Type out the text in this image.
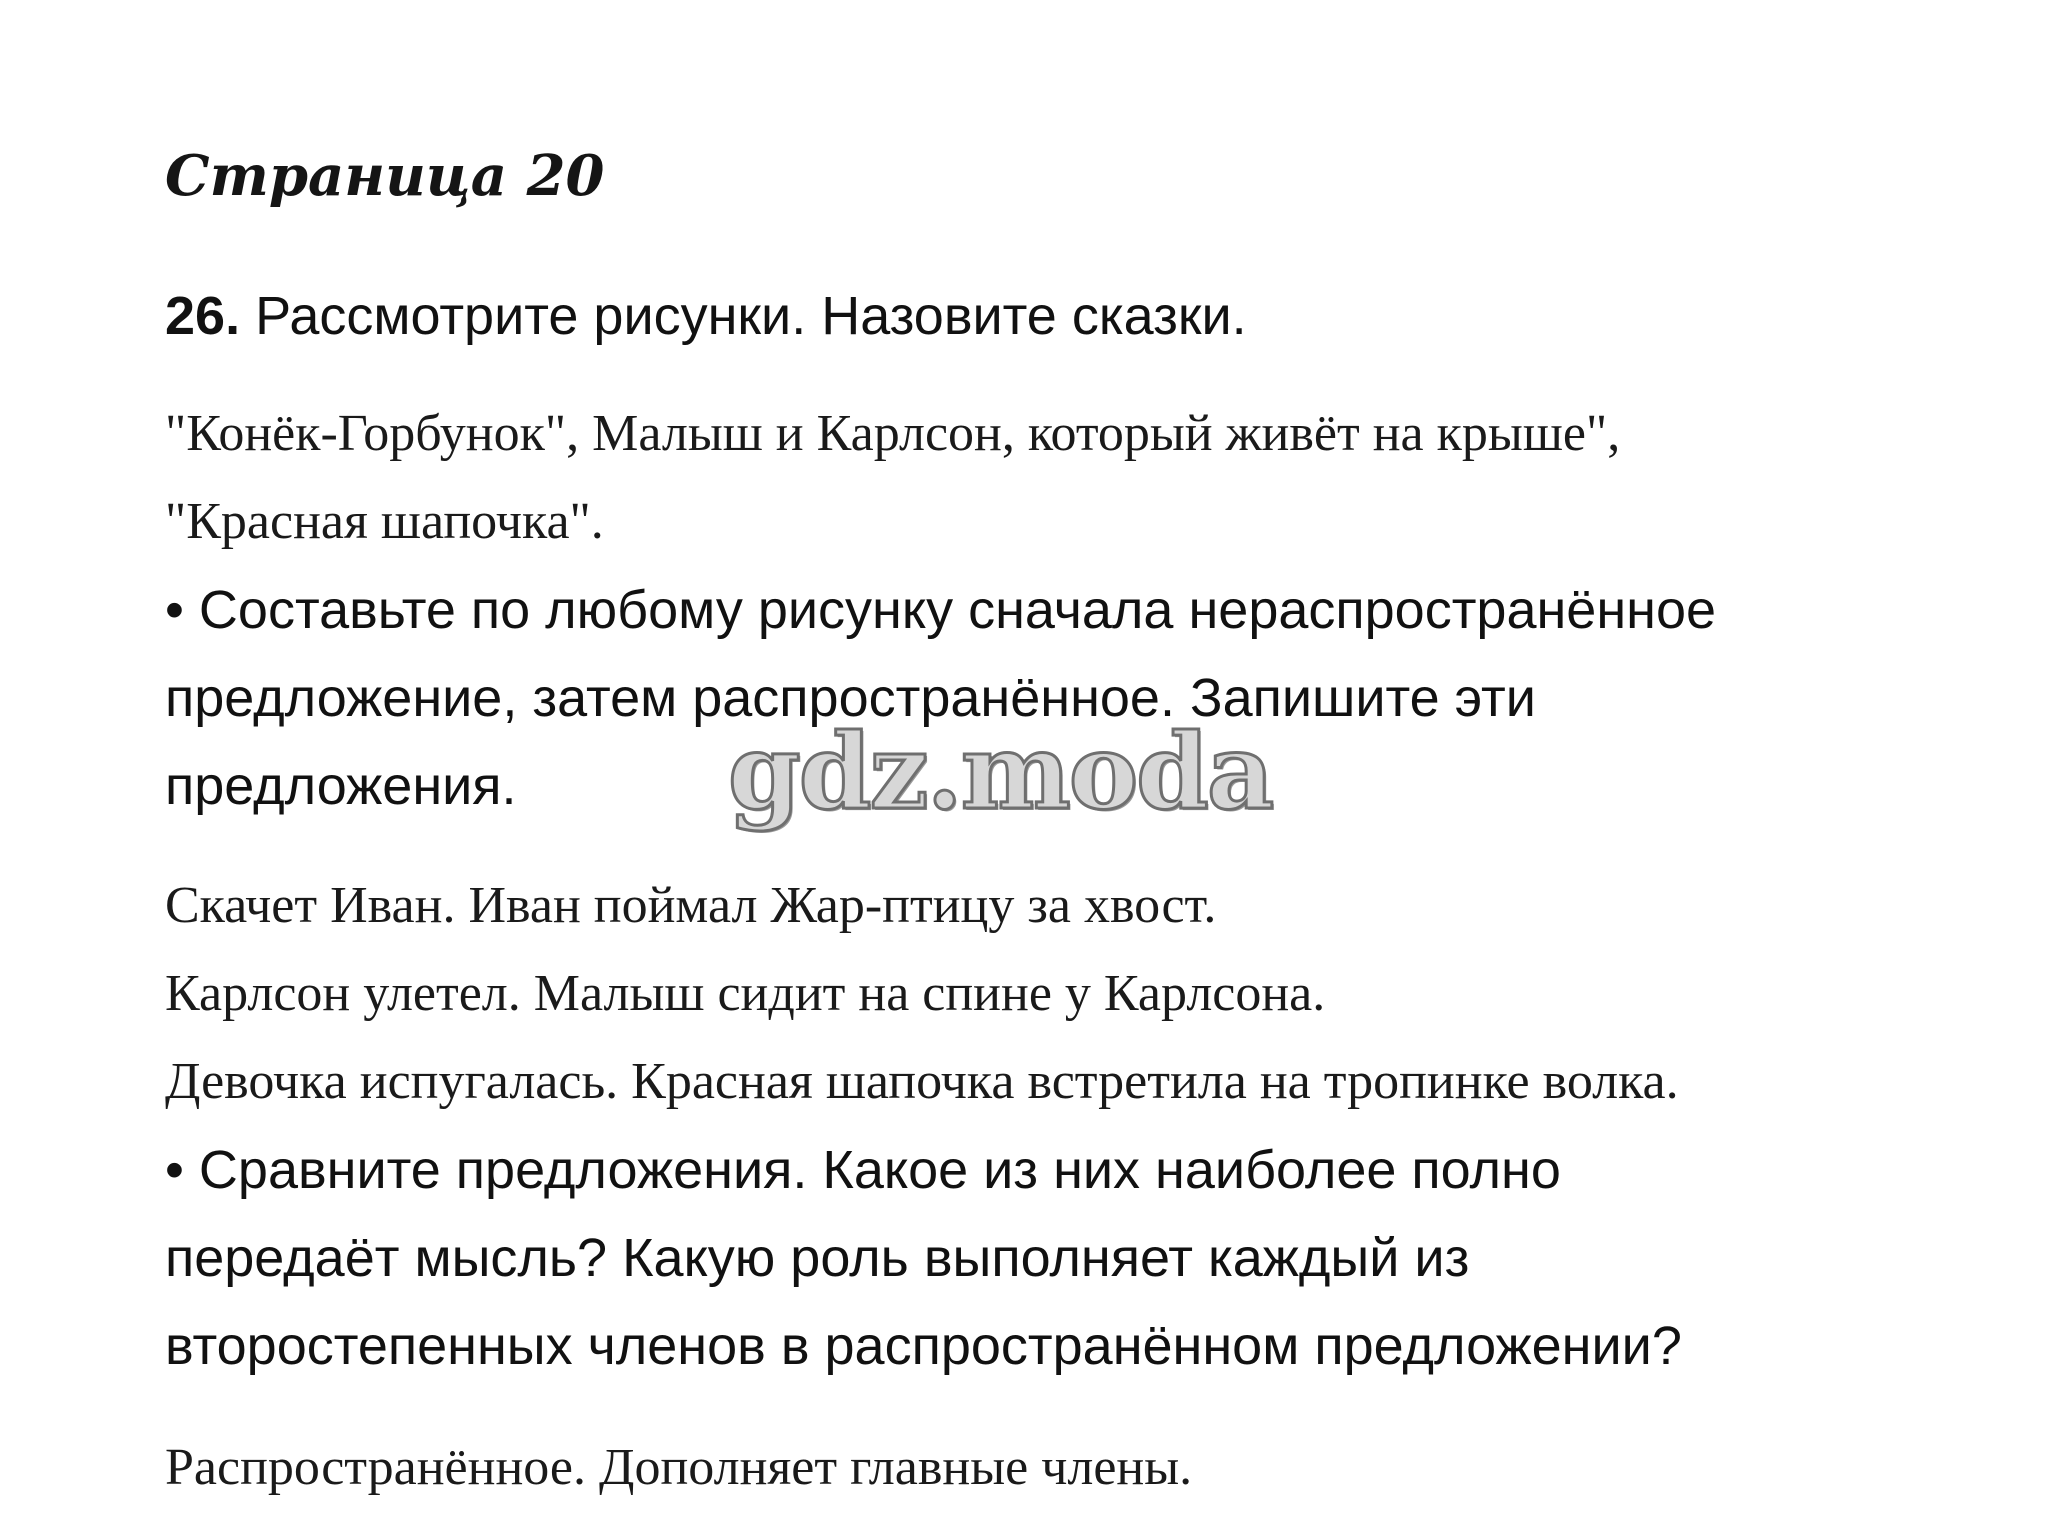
Страница 20
26. Рассмотрите рисунки. Назовите сказки.
"Конёк-Горбунок", Малыш и Карлсон, который живёт на крыше",
"Красная шапочка".
• Составьте по любому рисунку сначала нераспространённое
предложение, затем распространённое. Запишите эти
предложения.
Скачет Иван. Иван поймал Жар-птицу за хвост.
Карлсон улетел. Малыш сидит на спине у Карлсона.
Девочка испугалась. Красная шапочка встретила на тропинке волка.
• Сравните предложения. Какое из них наиболее полно
передаёт мысль? Какую роль выполняет каждый из
второстепенных членов в распространённом предложении?
Распространённое. Дополняет главные члены.
gdz.moda
